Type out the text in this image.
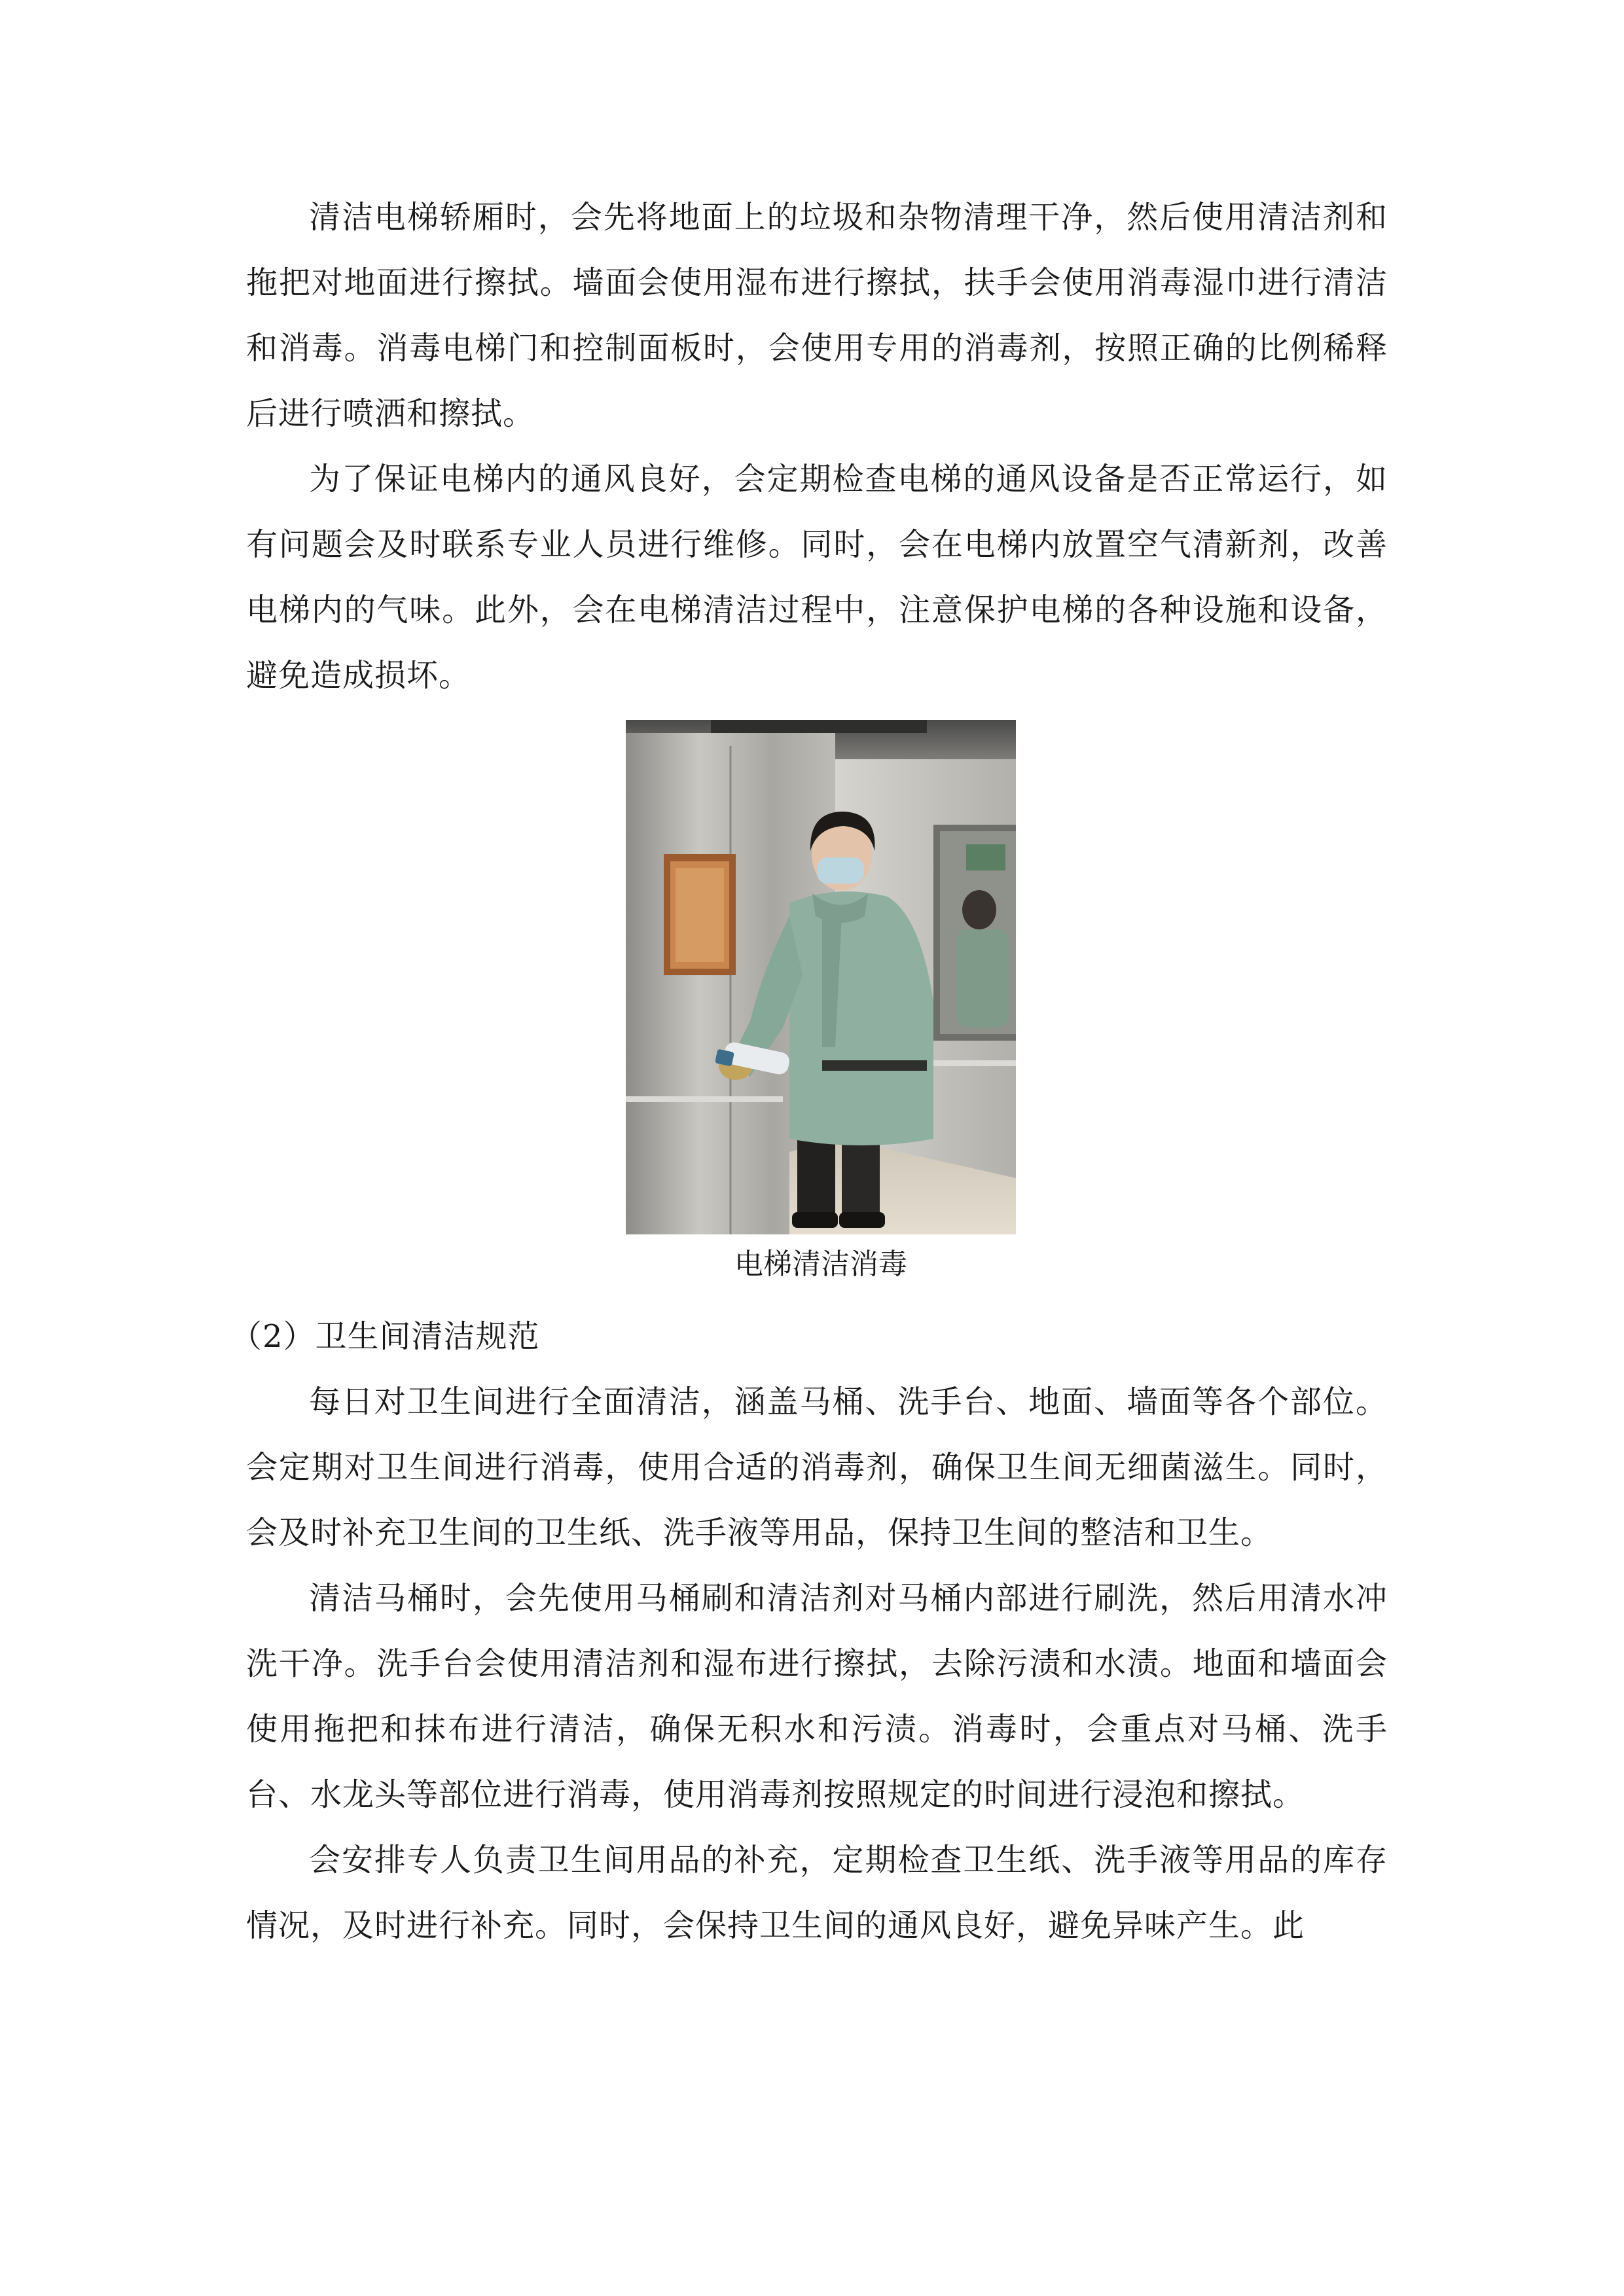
清洁电梯轿厢时，会先将地面上的垃圾和杂物清理干净，然后使用清洁剂和拖把对地面进行擦拭。墙面会使用湿布进行擦拭，扶手会使用消毒湿巾进行清洁和消毒。消毒电梯门和控制面板时，会使用专用的消毒剂，按照正确的比例稀释后进行喷洒和擦拭。

为了保证电梯内的通风良好，会定期检查电梯的通风设备是否正常运行，如有问题会及时联系专业人员进行维修。同时，会在电梯内放置空气清新剂，改善电梯内的气味。此外，会在电梯清洁过程中，注意保护电梯的各种设施和设备，避免造成损坏。

电梯清洁消毒

（2）卫生间清洁规范

每日对卫生间进行全面清洁，涵盖马桶、洗手台、地面、墙面等各个部位。会定期对卫生间进行消毒，使用合适的消毒剂，确保卫生间无细菌滋生。同时，会及时补充卫生间的卫生纸、洗手液等用品，保持卫生间的整洁和卫生。

清洁马桶时，会先使用马桶刷和清洁剂对马桶内部进行刷洗，然后用清水冲洗干净。洗手台会使用清洁剂和湿布进行擦拭，去除污渍和水渍。地面和墙面会使用拖把和抹布进行清洁，确保无积水和污渍。消毒时，会重点对马桶、洗手台、水龙头等部位进行消毒，使用消毒剂按照规定的时间进行浸泡和擦拭。

会安排专人负责卫生间用品的补充，定期检查卫生纸、洗手液等用品的库存情况，及时进行补充。同时，会保持卫生间的通风良好，避免异味产生。此
